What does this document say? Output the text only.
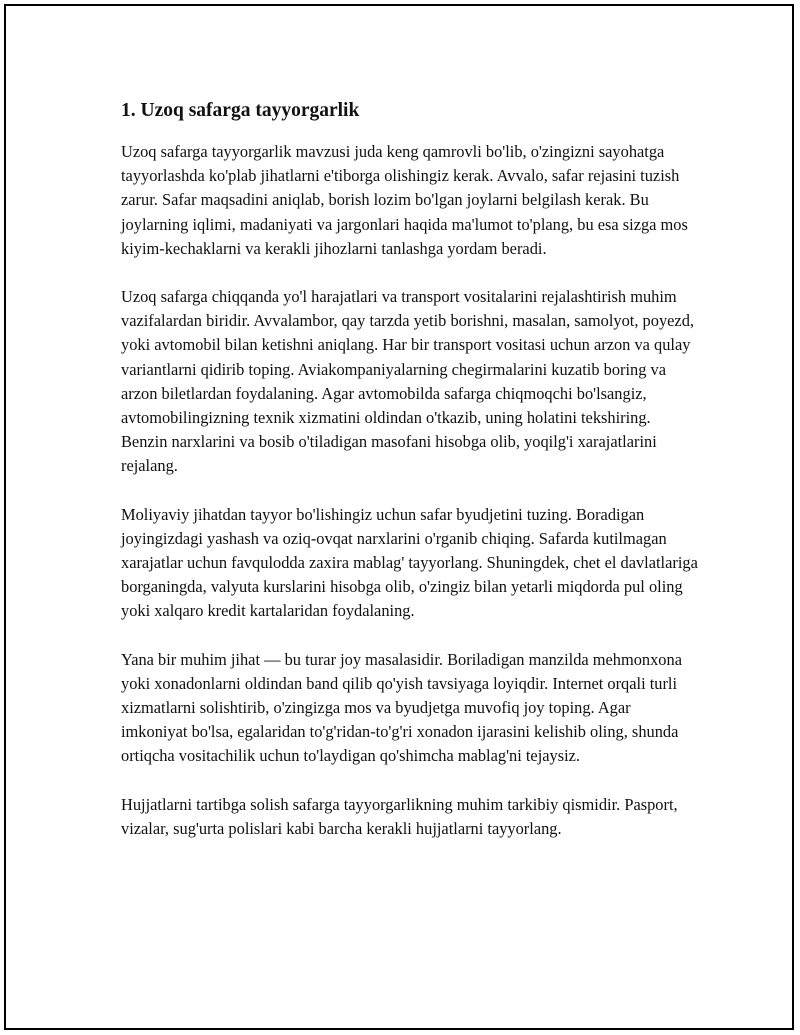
1. Uzoq safarga tayyorgarlik

Uzoq safarga tayyorgarlik mavzusi juda keng qamrovli bo'lib, o'zingizni sayohatga tayyorlashda ko'plab jihatlarni e'tiborga olishingiz kerak. Avvalo, safar rejasini tuzish zarur. Safar maqsadini aniqlab, borish lozim bo'lgan joylarni belgilash kerak. Bu joylarning iqlimi, madaniyati va jargonlari haqida ma'lumot to'plang, bu esa sizga mos kiyim-kechaklarni va kerakli jihozlarni tanlashga yordam beradi.

Uzoq safarga chiqqanda yo'l harajatlari va transport vositalarini rejalashtirish muhim vazifalardan biridir. Avvalambor, qay tarzda yetib borishni, masalan, samolyot, poyezd, yoki avtomobil bilan ketishni aniqlang. Har bir transport vositasi uchun arzon va qulay variantlarni qidirib toping. Aviakompaniyalarning chegirmalarini kuzatib boring va arzon biletlardan foydalaning. Agar avtomobilda safarga chiqmoqchi bo'lsangiz, avtomobilingizning texnik xizmatini oldindan o'tkazib, uning holatini tekshiring. Benzin narxlarini va bosib o'tiladigan masofani hisobga olib, yoqilg'i xarajatlarini rejalang.

Moliyaviy jihatdan tayyor bo'lishingiz uchun safar byudjetini tuzing. Boradigan joyingizdagi yashash va oziq-ovqat narxlarini o'rganib chiqing. Safarda kutilmagan xarajatlar uchun favqulodda zaxira mablag' tayyorlang. Shuningdek, chet el davlatlariga borganingda, valyuta kurslarini hisobga olib, o'zingiz bilan yetarli miqdorda pul oling yoki xalqaro kredit kartalaridan foydalaning.

Yana bir muhim jihat — bu turar joy masalasidir. Boriladigan manzilda mehmonxona yoki xonadonlarni oldindan band qilib qo'yish tavsiyaga loyiqdir. Internet orqali turli xizmatlarni solishtirib, o'zingizga mos va byudjetga muvofiq joy toping. Agar imkoniyat bo'lsa, egalaridan to'g'ridan-to'g'ri xonadon ijarasini kelishib oling, shunda ortiqcha vositachilik uchun to'laydigan qo'shimcha mablag'ni tejaysiz.

Hujjatlarni tartibga solish safarga tayyorgarlikning muhim tarkibiy qismidir. Pasport, vizalar, sug'urta polislari kabi barcha kerakli hujjatlarni tayyorlang.
